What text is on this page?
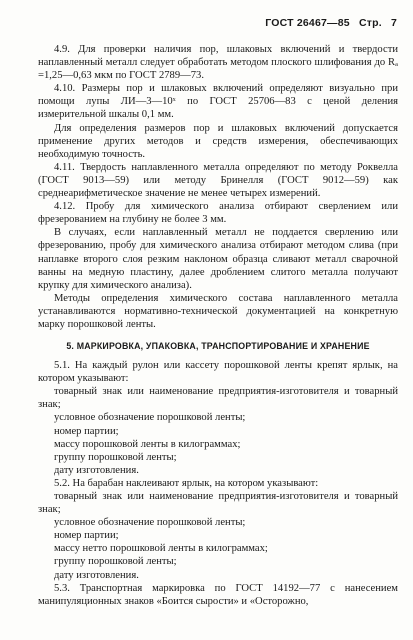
ГОСТ 26467—85 Стр. 7

4.9. Для проверки наличия пор, шлаковых включений и твердости наплавленный металл следует обработать методом плоского шлифования до Rₐ =1,25—0,63 мкм по ГОСТ 2789—73.

4.10. Размеры пор и шлаковых включений определяют визуально при помощи лупы ЛИ—3—10ˣ по ГОСТ 25706—83 с ценой деления измерительной шкалы 0,1 мм.

Для определения размеров пор и шлаковых включений допускается применение других методов и средств измерения, обеспечивающих необходимую точность.

4.11. Твердость наплавленного металла определяют по методу Роквелла (ГОСТ 9013—59) или методу Бринелля (ГОСТ 9012—59) как среднеарифметическое значение не менее четырех измерений.

4.12. Пробу для химического анализа отбирают сверлением или фрезерованием на глубину не более 3 мм.

В случаях, если наплавленный металл не поддается сверлению или фрезерованию, пробу для химического анализа отбирают методом слива (при наплавке второго слоя резким наклоном образца сливают металл сварочной ванны на медную пластину, далее дроблением слитого металла получают крупку для химического анализа).

Методы определения химического состава наплавленного металла устанавливаются нормативно-технической документацией на конкретную марку порошковой ленты.

5. МАРКИРОВКА, УПАКОВКА, ТРАНСПОРТИРОВАНИЕ И ХРАНЕНИЕ

5.1. На каждый рулон или кассету порошковой ленты крепят ярлык, на котором указывают:

товарный знак или наименование предприятия-изготовителя и товарный знак;

условное обозначение порошковой ленты;

номер партии;

массу порошковой ленты в килограммах;

группу порошковой ленты;

дату изготовления.

5.2. На барабан наклеивают ярлык, на котором указывают:

товарный знак или наименование предприятия-изготовителя и товарный знак;

условное обозначение порошковой ленты;

номер партии;

массу нетто порошковой ленты в килограммах;

группу порошковой ленты;

дату изготовления.

5.3. Транспортная маркировка по ГОСТ 14192—77 с нанесением манипуляционных знаков «Боится сырости» и «Осторожно,
